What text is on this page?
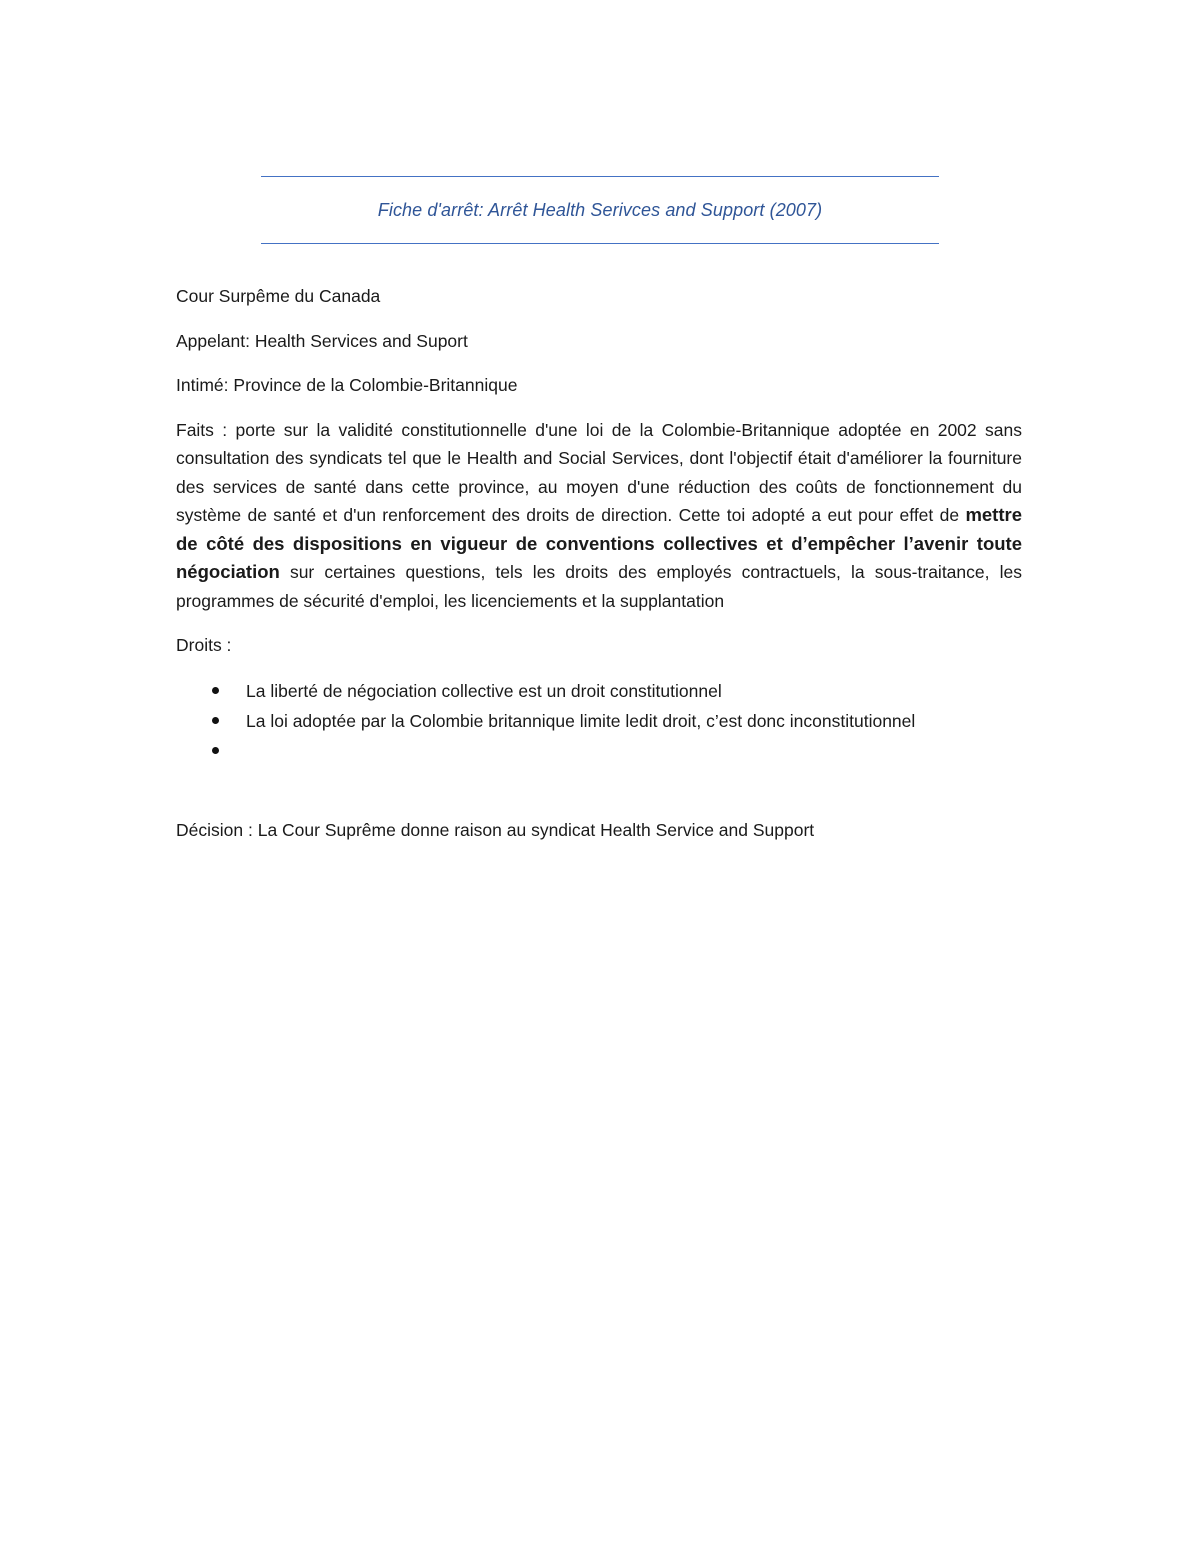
Fiche d'arrêt: Arrêt Health Serivces and Support (2007)

Cour Surpême du Canada

Appelant: Health Services and Suport

Intimé: Province de la Colombie-Britannique

Faits : porte sur la validité constitutionnelle d'une loi de la Colombie-Britannique adoptée en 2002 sans consultation des syndicats tel que le Health and Social Services, dont l'objectif était d'améliorer la fourniture des services de santé dans cette province, au moyen d'une réduction des coûts de fonctionnement du système de santé et d'un renforcement des droits de direction. Cette toi adopté a eut pour effet de mettre de côté des dispositions en vigueur de conventions collectives et d’empêcher l’avenir toute négociation sur certaines questions, tels les droits des employés contractuels, la sous-traitance, les programmes de sécurité d'emploi, les licenciements et la supplantation

Droits :

La liberté de négociation collective est un droit constitutionnel
La loi adoptée par la Colombie britannique limite ledit droit, c’est donc inconstitutionnel

Décision : La Cour Suprême donne raison au syndicat Health Service and Support
